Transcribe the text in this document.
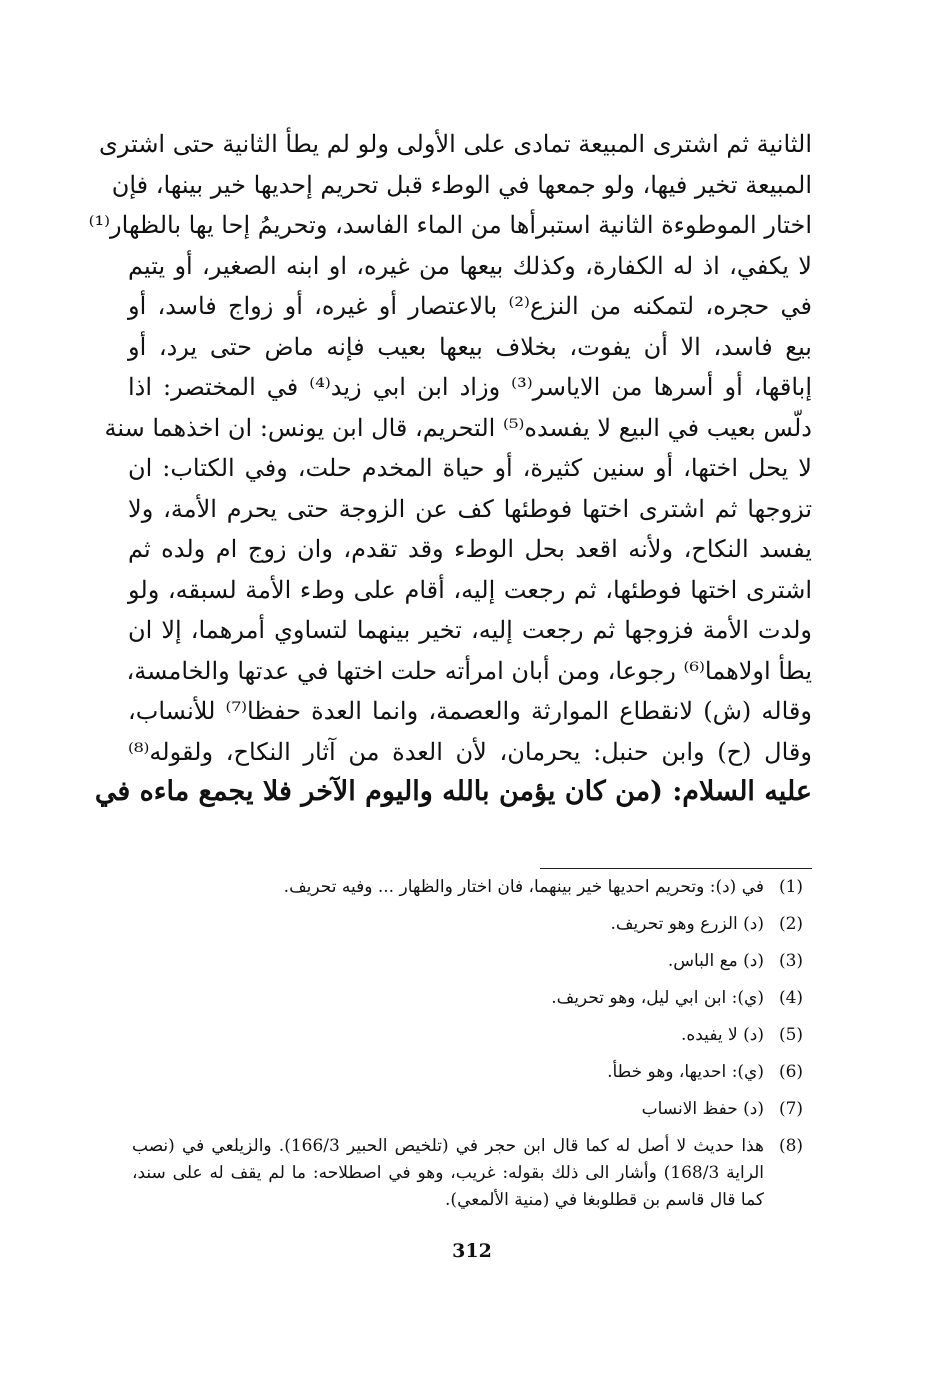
الثانية ثم اشترى المبيعة تمادى على الأولى ولو لم يطأ الثانية حتى اشترى
المبيعة تخير فيها، ولو جمعها في الوطء قبل تحريم إحديها خير بينها، فإن
اختار الموطوءة الثانية استبرأها من الماء الفاسد، وتحريمُ إحا يها بالظهار⁽¹⁾
لا يكفي، اذ له الكفارة، وكذلك بيعها من غيره، او ابنه الصغير، أو يتيم
في حجره، لتمكنه من النزع⁽²⁾ بالاعتصار أو غيره، أو زواج فاسد، أو
بيع فاسد، الا أن يفوت، بخلاف بيعها بعيب فإنه ماض حتى يرد، أو
إباقها، أو أسرها من الاياسر⁽³⁾ وزاد ابن ابي زيد⁽⁴⁾ في المختصر: اذا
دلّس بعيب في البيع لا يفسده⁽⁵⁾ التحريم، قال ابن يونس: ان اخذهما سنة
لا يحل اختها، أو سنين كثيرة، أو حياة المخدم حلت، وفي الكتاب: ان
تزوجها ثم اشترى اختها فوطئها كف عن الزوجة حتى يحرم الأمة، ولا
يفسد النكاح، ولأنه اقعد بحل الوطء وقد تقدم، وان زوج ام ولده ثم
اشترى اختها فوطئها، ثم رجعت إليه، أقام على وطء الأمة لسبقه، ولو
ولدت الأمة فزوجها ثم رجعت إليه، تخير بينهما لتساوي أمرهما، إلا ان
يطأ اولاهما⁽⁶⁾ رجوعا، ومن أبان امرأته حلت اختها في عدتها والخامسة،
وقاله (ش) لانقطاع الموارثة والعصمة، وانما العدة حفظا⁽⁷⁾ للأنساب،
وقال (ح) وابن حنبل: يحرمان، لأن العدة من آثار النكاح، ولقوله⁽⁸⁾
عليه السلام: (من كان يؤمن بالله واليوم الآخر فلا يجمع ماءه في
(1)
في (د): وتحريم احديها خير بينهما، فان اختار والظهار ... وفيه تحريف.
(2)
(د) الزرع وهو تحريف.
(3)
(د) مع الباس.
(4)
(ي): ابن ابي ليل، وهو تحريف.
(5)
(د) لا يفيده.
(6)
(ي): احديها، وهو خطأ.
(7)
(د) حفظ الانساب
(8)
هذا حديث لا أصل له كما قال ابن حجر في (تلخيص الحبير 166/3). والزيلعي في (نصب الراية 168/3) وأشار الى ذلك بقوله: غريب، وهو في اصطلاحه: ما لم يقف له على سند، كما قال قاسم بن قطلوبغا في (منية الألمعي).
312
